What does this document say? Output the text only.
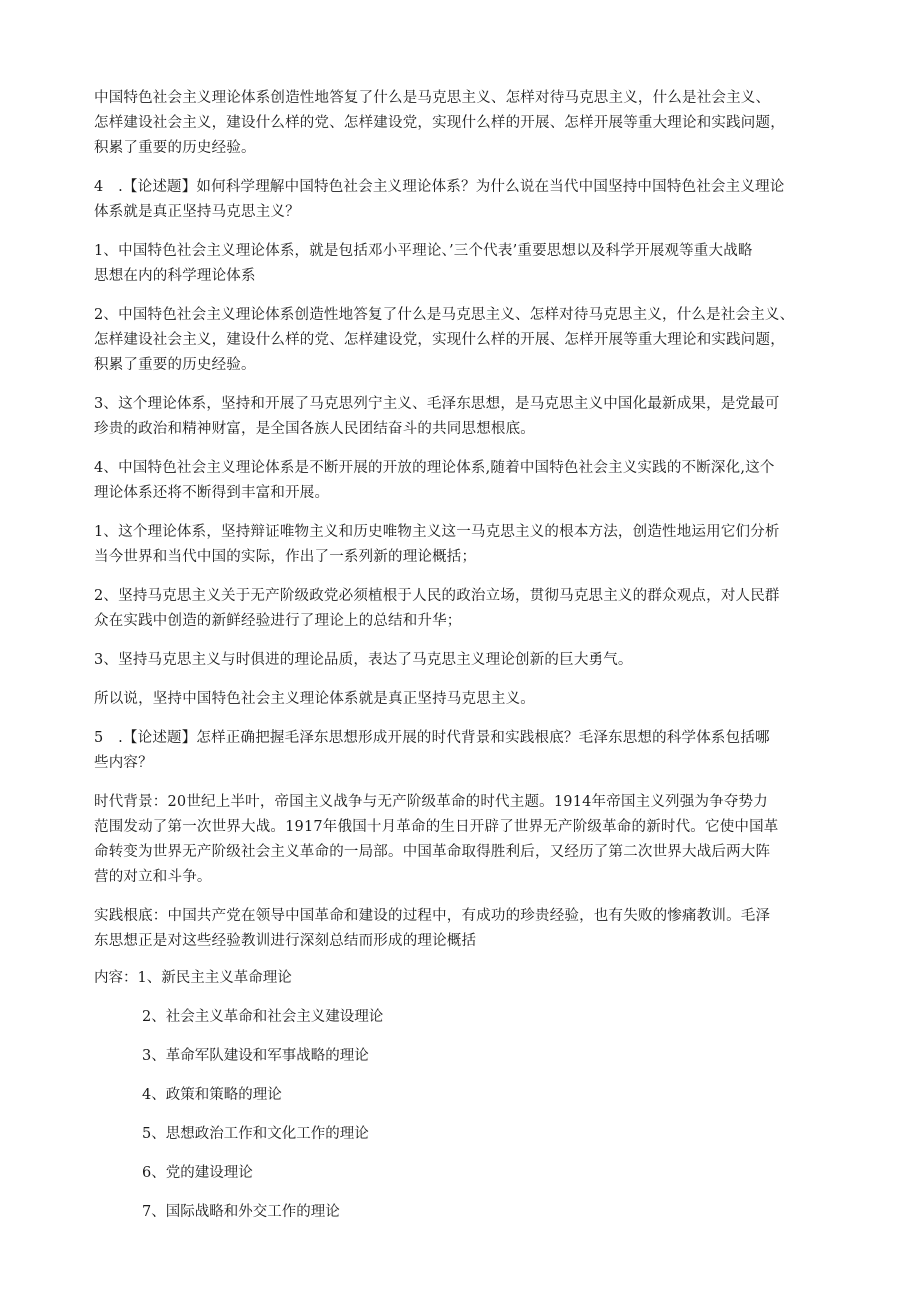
中国特色社会主义理论体系创造性地答复了什么是马克思主义、怎样对待马克思主义，什么是社会主义、
怎样建设社会主义，建设什么样的党、怎样建设党，实现什么样的开展、怎样开展等重大理论和实践问题，
积累了重要的历史经验。

4　.【论述题】如何科学理解中国特色社会主义理论体系？为什么说在当代中国坚持中国特色社会主义理论
体系就是真正坚持马克思主义？

1、中国特色社会主义理论体系，就是包括邓小平理论、’三个代表’重要思想以及科学开展观等重大战略
思想在内的科学理论体系

2、中国特色社会主义理论体系创造性地答复了什么是马克思主义、怎样对待马克思主义，什么是社会主义、
怎样建设社会主义，建设什么样的党、怎样建设党，实现什么样的开展、怎样开展等重大理论和实践问题，
积累了重要的历史经验。

3、这个理论体系，坚持和开展了马克思列宁主义、毛泽东思想，是马克思主义中国化最新成果，是党最可
珍贵的政治和精神财富，是全国各族人民团结奋斗的共同思想根底。

4、中国特色社会主义理论体系是不断开展的开放的理论体系,随着中国特色社会主义实践的不断深化,这个
理论体系还将不断得到丰富和开展。

1、这个理论体系，坚持辩证唯物主义和历史唯物主义这一马克思主义的根本方法，创造性地运用它们分析
当今世界和当代中国的实际，作出了一系列新的理论概括；

2、坚持马克思主义关于无产阶级政党必须植根于人民的政治立场，贯彻马克思主义的群众观点，对人民群
众在实践中创造的新鲜经验进行了理论上的总结和升华；

3、坚持马克思主义与时俱进的理论品质，表达了马克思主义理论创新的巨大勇气。

所以说，坚持中国特色社会主义理论体系就是真正坚持马克思主义。

5　.【论述题】怎样正确把握毛泽东思想形成开展的时代背景和实践根底？毛泽东思想的科学体系包括哪
些内容？

时代背景：20世纪上半叶，帝国主义战争与无产阶级革命的时代主题。1914年帝国主义列强为争夺势力
范围发动了第一次世界大战。1917年俄国十月革命的生日开辟了世界无产阶级革命的新时代。它使中国革
命转变为世界无产阶级社会主义革命的一局部。中国革命取得胜利后，又经历了第二次世界大战后两大阵
营的对立和斗争。

实践根底：中国共产党在领导中国革命和建设的过程中，有成功的珍贵经验，也有失败的惨痛教训。毛泽
东思想正是对这些经验教训进行深刻总结而形成的理论概括

内容：1、新民主主义革命理论

2、社会主义革命和社会主义建设理论

3、革命军队建设和军事战略的理论

4、政策和策略的理论

5、思想政治工作和文化工作的理论

6、党的建设理论

7、国际战略和外交工作的理论
